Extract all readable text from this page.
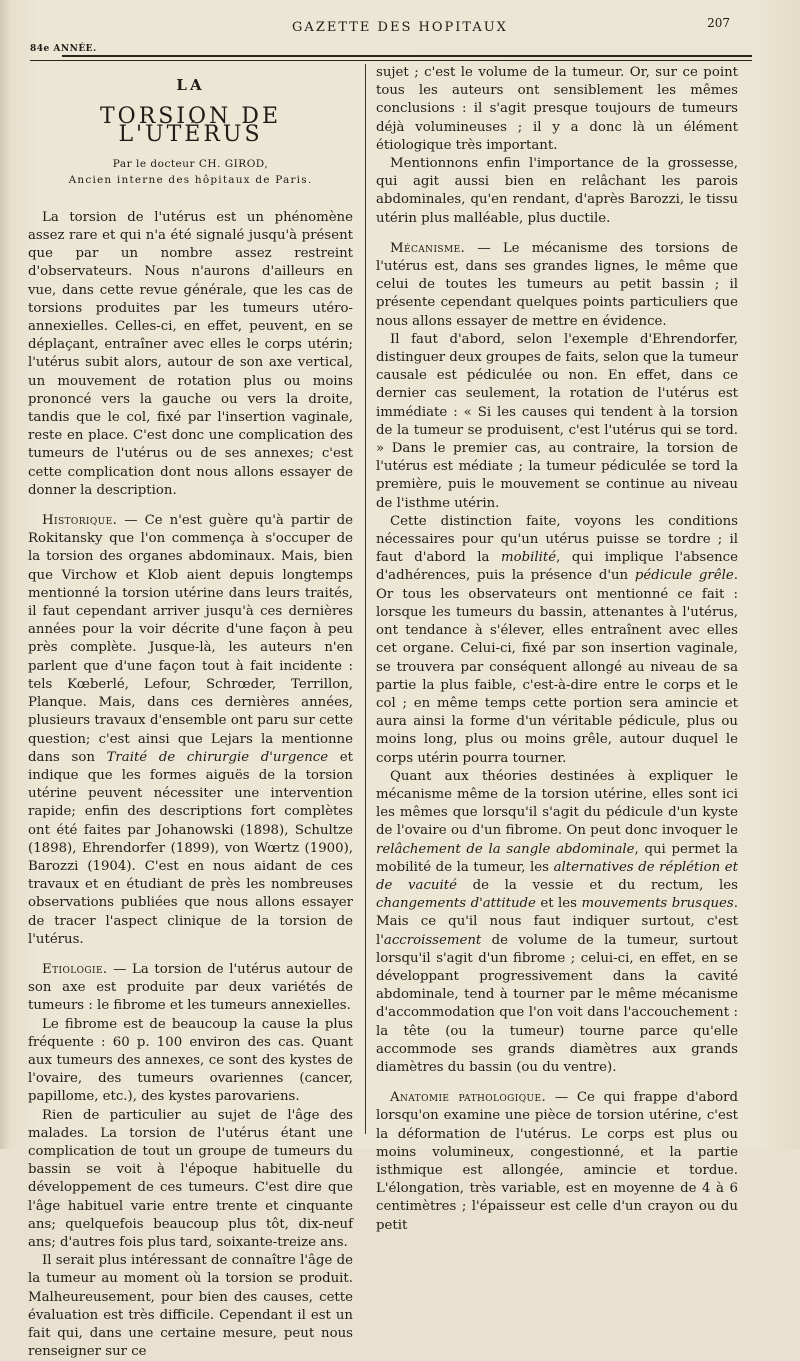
GAZETTE DES HOPITAUX	207
84e ANNÉE.
LA
TORSION DE L'UTÉRUS
Par le docteur CH. GIROD,
Ancien interne des hôpitaux de Paris.

La torsion de l'utérus est un phénomène assez rare et qui n'a été signalé jusqu'à présent que par un nombre assez restreint d'observateurs. Nous n'aurons d'ailleurs en vue, dans cette revue générale, que les cas de torsions produites par les tumeurs utéro-annexielles. Celles-ci, en effet, peuvent, en se déplaçant, entraîner avec elles le corps utérin; l'utérus subit alors, autour de son axe vertical, un mouvement de rotation plus ou moins prononcé vers la gauche ou vers la droite, tandis que le col, fixé par l'insertion vaginale, reste en place. C'est donc une complication des tumeurs de l'utérus ou de ses annexes; c'est cette complication dont nous allons essayer de donner la description.

Historique. — Ce n'est guère qu'à partir de Rokitansky que l'on commença à s'occuper de la torsion des organes abdominaux. Mais, bien que Virchow et Klob aient depuis longtemps mentionné la torsion utérine dans leurs traités, il faut cependant arriver jusqu'à ces dernières années pour la voir décrite d'une façon à peu près complète. Jusque-là, les auteurs n'en parlent que d'une façon tout à fait incidente : tels Kœberlé, Lefour, Schrœder, Terrillon, Planque. Mais, dans ces dernières années, plusieurs travaux d'ensemble ont paru sur cette question; c'est ainsi que Lejars la mentionne dans son Traité de chirurgie d'urgence et indique que les formes aiguës de la torsion utérine peuvent nécessiter une intervention rapide; enfin des descriptions fort complètes ont été faites par Johanowski (1898), Schultze (1898), Ehrendorfer (1899), von Wœrtz (1900), Barozzi (1904). C'est en nous aidant de ces travaux et en étudiant de près les nombreuses observations publiées que nous allons essayer de tracer l'aspect clinique de la torsion de l'utérus.

Etiologie. — La torsion de l'utérus autour de son axe est produite par deux variétés de tumeurs : le fibrome et les tumeurs annexielles.

Le fibrome est de beaucoup la cause la plus fréquente : 60 p. 100 environ des cas. Quant aux tumeurs des annexes, ce sont des kystes de l'ovaire, des tumeurs ovariennes (cancer, papillome, etc.), des kystes parovariens.

Rien de particulier au sujet de l'âge des malades. La torsion de l'utérus étant une complication de tout un groupe de tumeurs du bassin se voit à l'époque habituelle du développement de ces tumeurs. C'est dire que l'âge habituel varie entre trente et cinquante ans; quelquefois beaucoup plus tôt, dix-neuf ans; d'autres fois plus tard, soixante-treize ans.

Il serait plus intéressant de connaître l'âge de la tumeur au moment où la torsion se produit. Malheureusement, pour bien des causes, cette évaluation est très difficile. Cependant il est un fait qui, dans une certaine mesure, peut nous renseigner sur ce

sujet ; c'est le volume de la tumeur. Or, sur ce point tous les auteurs ont sensiblement les mêmes conclusions : il s'agit presque toujours de tumeurs déjà volumineuses ; il y a donc là un élément étiologique très important.

Mentionnons enfin l'importance de la grossesse, qui agit aussi bien en relâchant les parois abdominales, qu'en rendant, d'après Barozzi, le tissu utérin plus malléable, plus ductile.

Mécanisme. — Le mécanisme des torsions de l'utérus est, dans ses grandes lignes, le même que celui de toutes les tumeurs au petit bassin ; il présente cependant quelques points particuliers que nous allons essayer de mettre en évidence.

Il faut d'abord, selon l'exemple d'Ehrendorfer, distinguer deux groupes de faits, selon que la tumeur causale est pédiculée ou non. En effet, dans ce dernier cas seulement, la rotation de l'utérus est immédiate : « Si les causes qui tendent à la torsion de la tumeur se produisent, c'est l'utérus qui se tord. » Dans le premier cas, au contraire, la torsion de l'utérus est médiate ; la tumeur pédiculée se tord la première, puis le mouvement se continue au niveau de l'isthme utérin.

Cette distinction faite, voyons les conditions nécessaires pour qu'un utérus puisse se tordre ; il faut d'abord la mobilité, qui implique l'absence d'adhérences, puis la présence d'un pédicule grêle. Or tous les observateurs ont mentionné ce fait : lorsque les tumeurs du bassin, attenantes à l'utérus, ont tendance à s'élever, elles entraînent avec elles cet organe. Celui-ci, fixé par son insertion vaginale, se trouvera par conséquent allongé au niveau de sa partie la plus faible, c'est-à-dire entre le corps et le col ; en même temps cette portion sera amincie et aura ainsi la forme d'un véritable pédicule, plus ou moins long, plus ou moins grêle, autour duquel le corps utérin pourra tourner.

Quant aux théories destinées à expliquer le mécanisme même de la torsion utérine, elles sont ici les mêmes que lorsqu'il s'agit du pédicule d'un kyste de l'ovaire ou d'un fibrome. On peut donc invoquer le relâchement de la sangle abdominale, qui permet la mobilité de la tumeur, les alternatives de réplétion et de vacuité de la vessie et du rectum, les changements d'attitude et les mouvements brusques. Mais ce qu'il nous faut indiquer surtout, c'est l'accroissement de volume de la tumeur, surtout lorsqu'il s'agit d'un fibrome ; celui-ci, en effet, en se développant progressivement dans la cavité abdominale, tend à tourner par le même mécanisme d'accommodation que l'on voit dans l'accouchement : la tête (ou la tumeur) tourne parce qu'elle accommode ses grands diamètres aux grands diamètres du bassin (ou du ventre).

Anatomie pathologique. — Ce qui frappe d'abord lorsqu'on examine une pièce de torsion utérine, c'est la déformation de l'utérus. Le corps est plus ou moins volumineux, congestionné, et la partie isthmique est allongée, amincie et tordue. L'élongation, très variable, est en moyenne de 4 à 6 centimètres ; l'épaisseur est celle d'un crayon ou du petit
